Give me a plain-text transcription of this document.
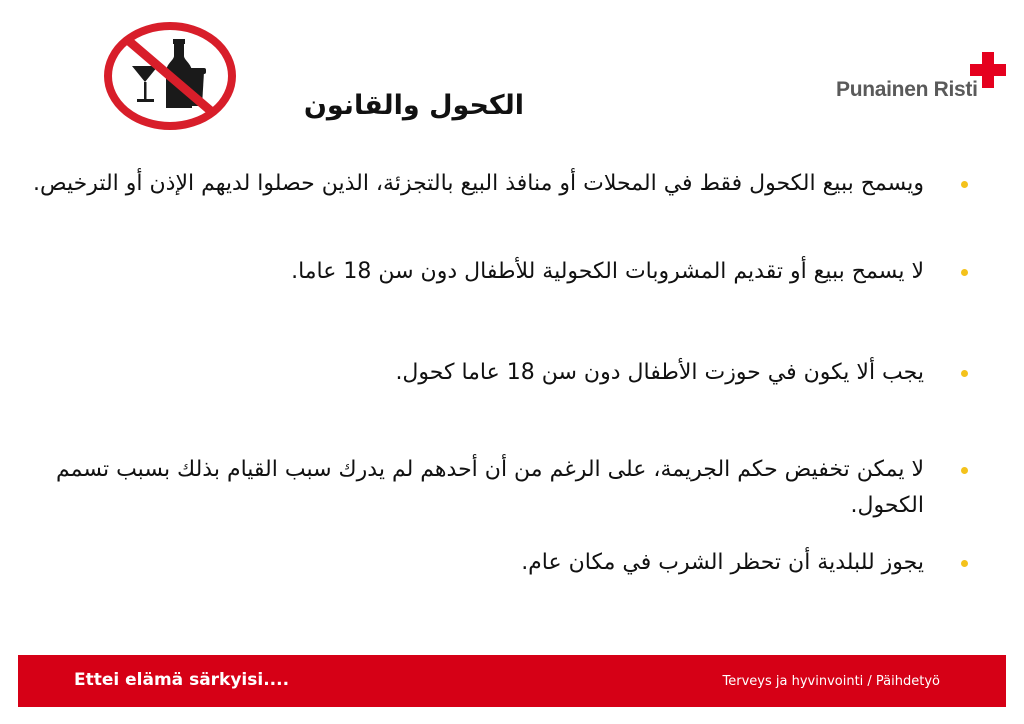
الكحول والقانون
Punainen Risti
ويسمح ببيع الكحول فقط في المحلات أو منافذ البيع بالتجزئة، الذين حصلوا لديهم الإذن أو الترخيص.
لا يسمح ببيع أو تقديم المشروبات الكحولية للأطفال دون سن 18 عاما.
يجب ألا يكون في حوزت الأطفال دون سن 18 عاما كحول.
لا يمكن تخفيض حكم الجريمة، على الرغم من أن أحدهم لم يدرك سبب القيام بذلك بسبب تسمم الكحول.
يجوز للبلدية أن تحظر الشرب في مكان عام.
Ettei elämä särkyisi....	Terveys ja hyvinvointi / Päihdetyö
